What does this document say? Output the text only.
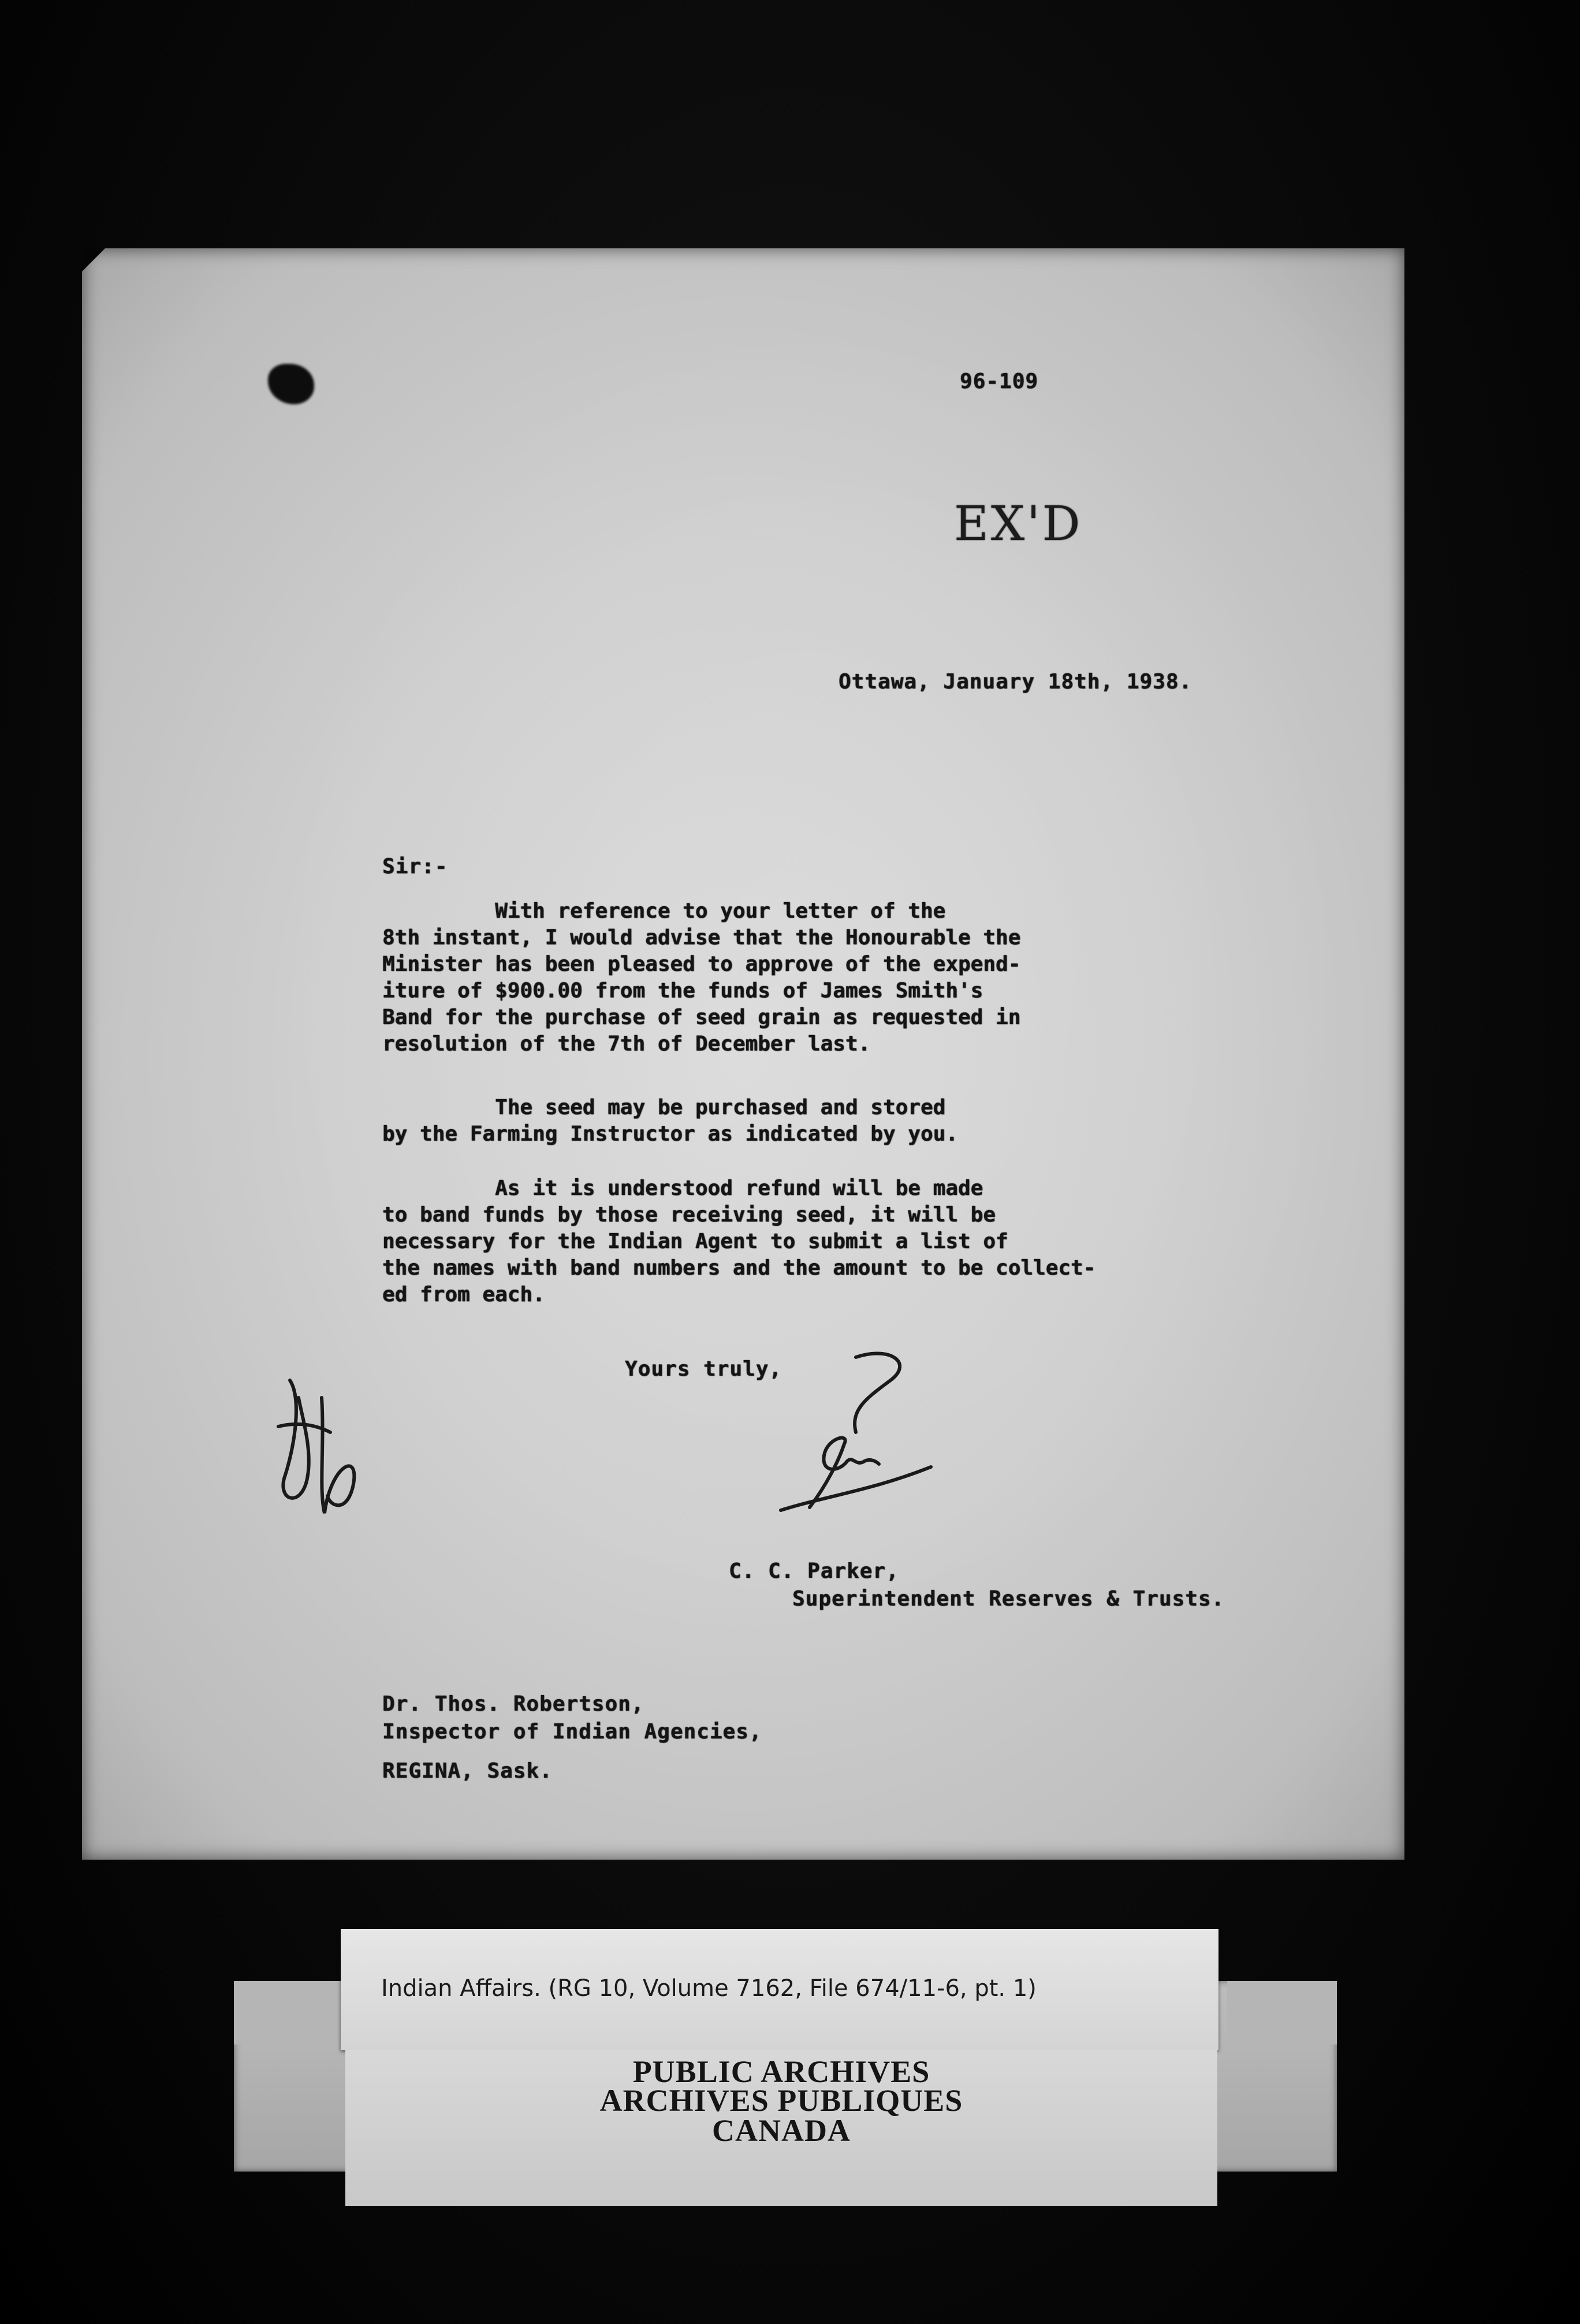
96-109
EX'D
Ottawa, January 18th, 1938.
Sir:-
With reference to your letter of the
8th instant, I would advise that the Honourable the
Minister has been pleased to approve of the expend-
iture of $900.00 from the funds of James Smith's
Band for the purchase of seed grain as requested in
resolution of the 7th of December last.
The seed may be purchased and stored
by the Farming Instructor as indicated by you.
As it is understood refund will be made
to band funds by those receiving seed, it will be
necessary for the Indian Agent to submit a list of
the names with band numbers and the amount to be collect-
ed from each.
Yours truly,
C. C. Parker,
Superintendent Reserves & Trusts.
Dr. Thos. Robertson,
Inspector of Indian Agencies,
REGINA, Sask.
Indian Affairs. (RG 10, Volume 7162, File 674/11-6, pt. 1)
PUBLIC ARCHIVES
ARCHIVES PUBLIQUES
CANADA
